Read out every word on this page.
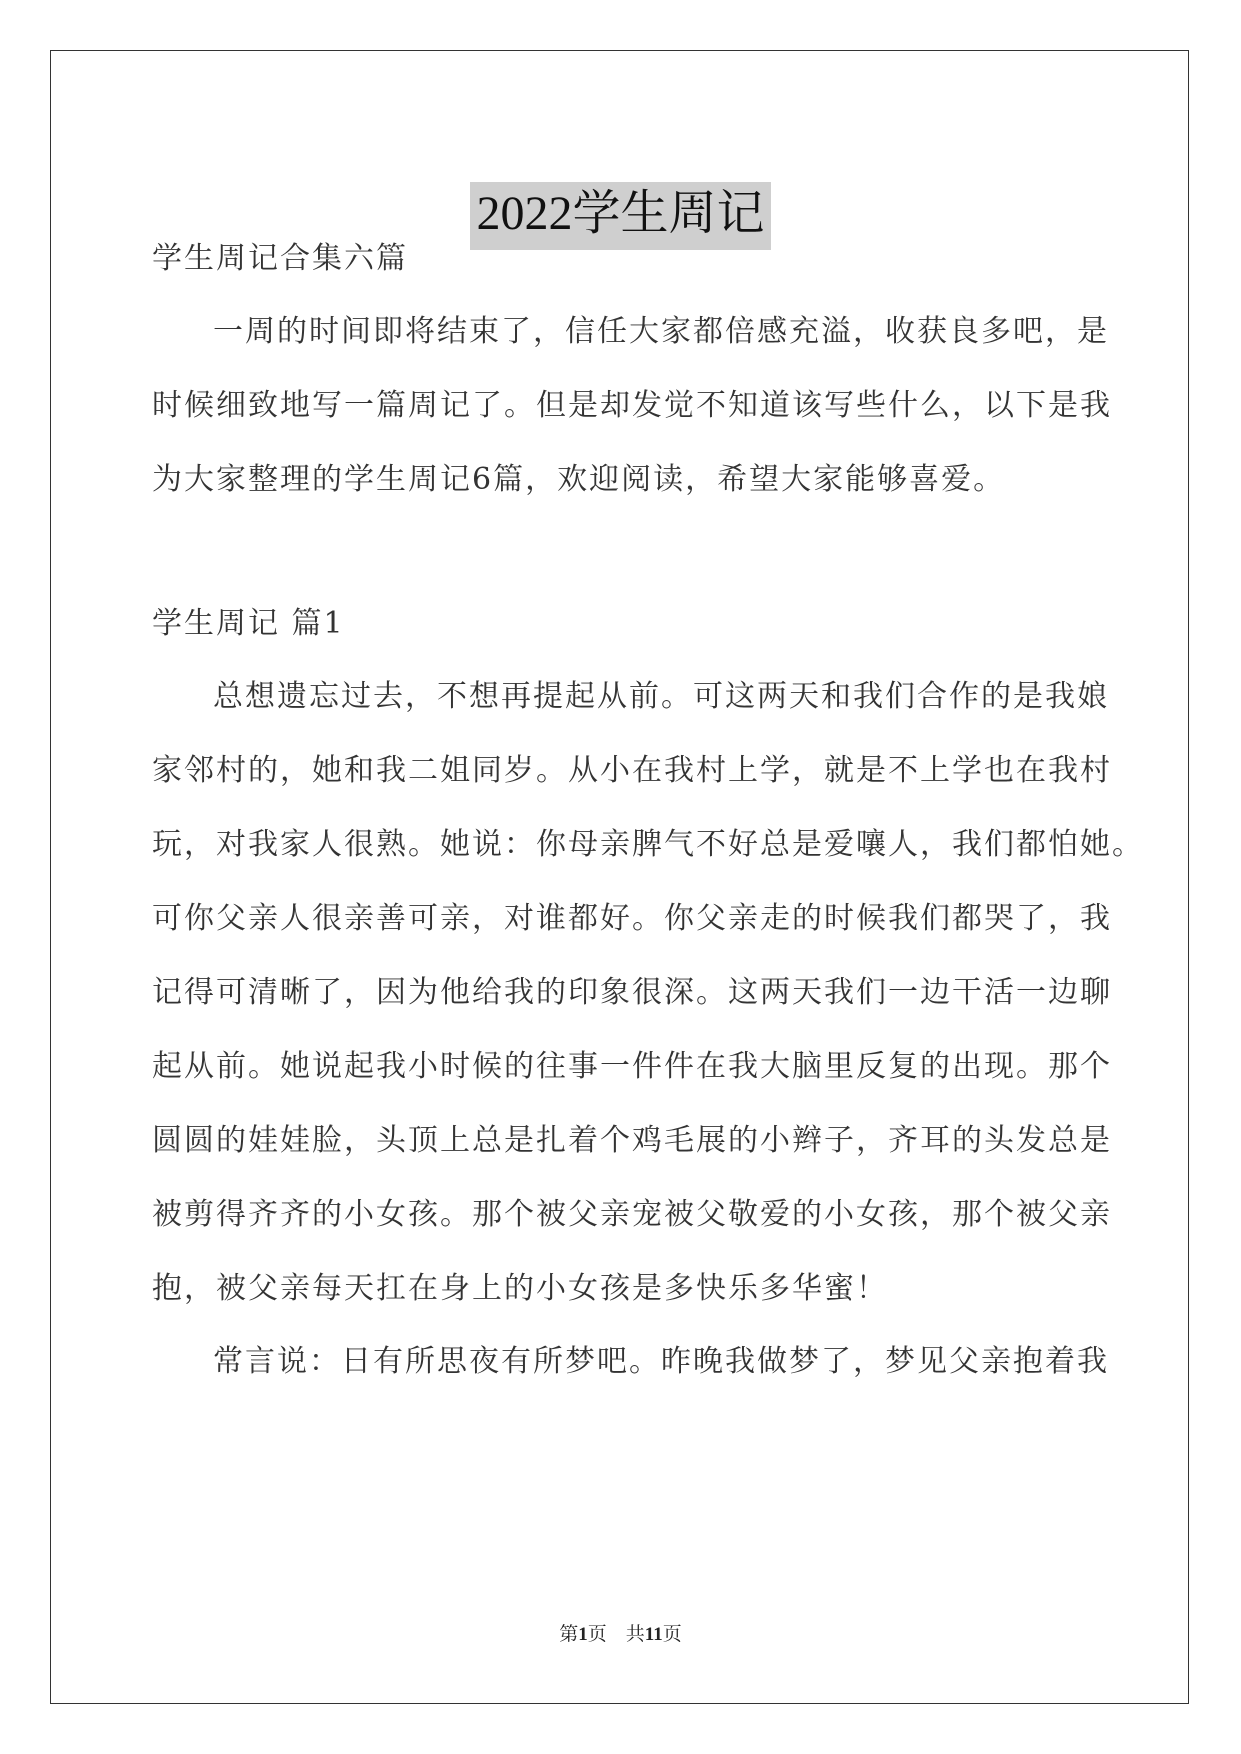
2022学生周记
学生周记合集六篇
一周的时间即将结束了，信任大家都倍感充溢，收获良多吧，是
时候细致地写一篇周记了。但是却发觉不知道该写些什么，以下是我
为大家整理的学生周记6篇，欢迎阅读，希望大家能够喜爱。
学生周记 篇1
总想遗忘过去，不想再提起从前。可这两天和我们合作的是我娘
家邻村的，她和我二姐同岁。从小在我村上学，就是不上学也在我村
玩，对我家人很熟。她说：你母亲脾气不好总是爱嚷人，我们都怕她。
可你父亲人很亲善可亲，对谁都好。你父亲走的时候我们都哭了，我
记得可清晰了，因为他给我的印象很深。这两天我们一边干活一边聊
起从前。她说起我小时候的往事一件件在我大脑里反复的出现。那个
圆圆的娃娃脸，头顶上总是扎着个鸡毛展的小辫子，齐耳的头发总是
被剪得齐齐的小女孩。那个被父亲宠被父敬爱的小女孩，那个被父亲
抱，被父亲每天扛在身上的小女孩是多快乐多华蜜！
常言说：日有所思夜有所梦吧。昨晚我做梦了，梦见父亲抱着我
第1页    共11页
